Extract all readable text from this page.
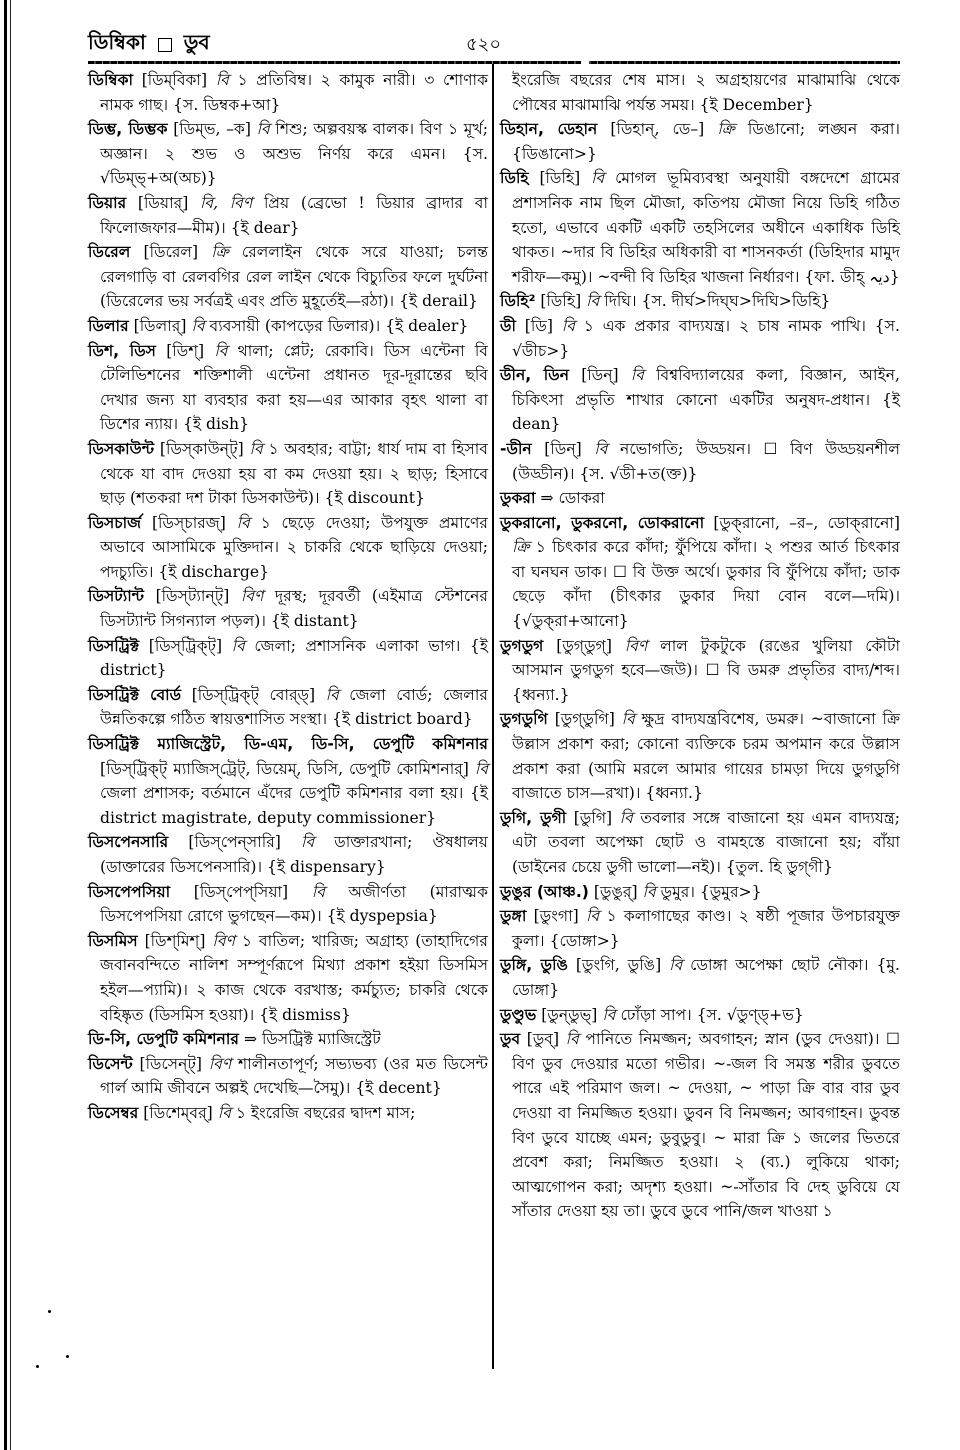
ডিম্বিকা ডুব	৫২০

ডিম্বিকা [ডিম্‌বিকা] বি ১ প্রতিবিম্ব। ২ কামুক নারী। ৩ শোণাক নামক গাছ। {স. ডিম্বক+আ}

ডিম্ভ, ডিম্ভক [ডিম্‌ভ, –ক] বি শিশু; অল্পবয়স্ক বালক। বিণ ১ মূর্খ; অজ্ঞান। ২ শুভ ও অশুভ নির্ণয় করে এমন। {স. √ডিম্ভ্‌+অ(অচ)}

ডিয়ার [ডিয়ার্‌] বি, বিণ প্রিয় (ব্রেভো ! ডিয়ার ব্রাদার বা ফিলোজফার—মীম)। {ই dear}

ডিরেল [ডিরেল] ক্রি রেললাইন থেকে সরে যাওয়া; চলন্ত রেলগাড়ি বা রেলবগির রেল লাইন থেকে বিচ্যুতির ফলে দুর্ঘটনা (ডিরেলের ভয় সর্বত্রই এবং প্রতি মুহূর্তেই—রঠা)। {ই derail}

ডিলার [ডিলার্‌] বি ব্যবসায়ী (কাপড়ের ডিলার)। {ই dealer}

ডিশ, ডিস [ডিশ্‌] বি থালা; প্লেট; রেকাবি। ডিস এন্টেনা বি টেলিভিশনের শক্তিশালী এন্টেনা প্রধানত দূর-দূরান্তের ছবি দেখার জন্য যা ব্যবহার করা হয়—এর আকার বৃহৎ থালা বা ডিশের ন্যায়। {ই dish}

ডিসকাউন্ট [ডিস্‌কাউন্‌ট্‌] বি ১ অবহার; বাট্টা; ধার্য দাম বা হিসাব থেকে যা বাদ দেওয়া হয় বা কম দেওয়া হয়। ২ ছাড়; হিসাবে ছাড় (শতকরা দশ টাকা ডিসকাউন্ট)। {ই discount}

ডিসচার্জ [ডিস্‌চারজ্‌] বি ১ ছেড়ে দেওয়া; উপযুক্ত প্রমাণের অভাবে আসামিকে মুক্তিদান। ২ চাকরি থেকে ছাড়িয়ে দেওয়া; পদচ্যুতি। {ই discharge}

ডিসট্যান্ট [ডিস্‌ট্যান্‌ট্‌] বিণ দূরস্থ; দূরবর্তী (এইমাত্র স্টেশনের ডিসট্যান্ট সিগন্যাল পড়ল)। {ই distant}

ডিসট্রিক্ট [ডিস্‌ট্রিক্‌ট্‌] বি জেলা; প্রশাসনিক এলাকা ভাগ। {ই district}

ডিসট্রিক্ট বোর্ড [ডিস্‌ট্রিক্‌ট্‌ বোর্‌ড্‌] বি জেলা বোর্ড; জেলার উন্নতিকল্পে গঠিত স্বায়ত্তশাসিত সংস্থা। {ই district board}

ডিসট্রিক্ট ম্যাজিস্ট্রেট, ডি-এম, ডি-সি, ডেপুটি কমিশনার [ডিস্‌ট্রিক্‌ট্‌ ম্যাজিস্‌ট্রেট্‌, ডিয়েম্‌, ডিসি, ডেপুটি কোমিশনার্‌] বি জেলা প্রশাসক; বর্তমানে এঁদের ডেপুটি কমিশনার বলা হয়। {ই district magistrate, deputy commissioner}

ডিসপেনসারি [ডিস্‌পেন্‌সারি] বি ডাক্তারখানা; ঔষধালয় (ডাক্তারের ডিসপেনসারি)। {ই dispensary}

ডিসপেপসিয়া [ডিস্‌পেপ্‌সিয়া] বি অজীর্ণতা (মারাত্মক ডিসপেপসিয়া রোগে ভুগছেন—কম)। {ই dyspepsia}

ডিসমিস [ডিশ্‌মিশ্‌] বিণ ১ বাতিল; খারিজ; অগ্রাহ্য (তাহাদিগের জবানবন্দিতে নালিশ সম্পূর্ণরূপে মিথ্যা প্রকাশ হইয়া ডিসমিস হইল—প্যামি)। ২ কাজ থেকে বরখাস্ত; কর্মচ্যুত; চাকরি থেকে বহিষ্কৃত (ডিসমিস হওয়া)। {ই dismiss}

ডি-সি, ডেপুটি কমিশনার ⇒ ডিসট্রিক্ট ম্যাজিস্ট্রেট

ডিসেন্ট [ডিসেন্‌ট্‌] বিণ শালীনতাপূর্ণ; সভ্যভব্য (ওর মত ডিসেন্ট গার্ল আমি জীবনে অল্পই দেখেছি—সৈমু)। {ই decent}

ডিসেম্বর [ডিশেম্‌বর্‌] বি ১ ইংরেজি বছরের দ্বাদশ মাস;

ইংরেজি বছরের শেষ মাস। ২ অগ্রহায়ণের মাঝামাঝি থেকে পৌষের মাঝামাঝি পর্যন্ত সময়। {ই December}

ডিহান, ডেহান [ডিহান্‌, ডে–] ক্রি ডিঙানো; লঙ্ঘন করা। {ডিঙানো>}

ডিহি [ডিহি] বি মোগল ভূমিব্যবস্থা অনুযায়ী বঙ্গদেশে গ্রামের প্রশাসনিক নাম ছিল মৌজা, কতিপয় মৌজা নিয়ে ডিহি গঠিত হতো, এভাবে একটি একটি তহসিলের অধীনে একাধিক ডিহি থাকত। ~দার বি ডিহির অধিকারী বা শাসনকর্তা (ডিহিদার মামুদ শরীফ—কমু)। ~বন্দী বি ডিহির খাজনা নির্ধারণ। {ফা. ডীহ্‌ دیہ}

ডিহি² [ডিহি] বি দিঘি। {স. দীর্ঘ>দিঘ্‌ঘ>দিঘি>ডিহি}

ডী [ডি] বি ১ এক প্রকার বাদ্যযন্ত্র। ২ চাষ নামক পাখি। {স. √ডীচ>}

ডীন, ডিন [ডিন্‌] বি বিশ্ববিদ্যালয়ের কলা, বিজ্ঞান, আইন, চিকিৎসা প্রভৃতি শাখার কোনো একটির অনুষদ-প্রধান। {ই dean}

-ডীন [ডিন্‌] বি নভোগতি; উড্ডয়ন। ☐ বিণ উড্ডয়নশীল (উড্ডীন)। {স. √ডী+ত(ক্ত)}

ডুকরা ⇒ ডোকরা

ডুকরানো, ডুকরনো, ডোকরানো [ডুক্‌রানো, –র–, ডোক্‌রানো] ক্রি ১ চিৎকার করে কাঁদা; ফুঁপিয়ে কাঁদা। ২ পশুর আর্ত চিৎকার বা ঘনঘন ডাক। ☐ বি উক্ত অর্থে। ডুকার বি ফুঁপিয়ে কাঁদা; ডাক ছেড়ে কাঁদা (চীৎকার ডুকার দিয়া বোন বলে—দমি)। {√ডুক্‌রা+আনো}

ডুগডুগ [ডুগ্‌ডুগ্‌] বিণ লাল টুকটুকে (রঙের খুলিয়া কৌটা আসমান ডুগডুগ হবে—জউ)। ☐ বি ডমরু প্রভৃতির বাদ্য/শব্দ। {ধ্বন্যা.}

ডুগডুগি [ডুগ্‌ডুগি] বি ক্ষুদ্র বাদ্যযন্ত্রবিশেষ, ডমরু। ~বাজানো ক্রি উল্লাস প্রকাশ করা; কোনো ব্যক্তিকে চরম অপমান করে উল্লাস প্রকাশ করা (আমি মরলে আমার গায়ের চামড়া দিয়ে ডুগডুগি বাজাতে চাস—রখা)। {ধ্বন্যা.}

ডুগি, ডুগী [ডুগি] বি তবলার সঙ্গে বাজানো হয় এমন বাদ্যযন্ত্র; এটা তবলা অপেক্ষা ছোট ও বামহস্তে বাজানো হয়; বাঁয়া (ডাইনের চেয়ে ডুগী ভালো—নই)। {তুল. হি ডুগ্‌গী}

ডুঙুর (আঞ্চ.) [ডুঙুর্‌] বি ডুমুর। {ডুমুর>}

ডুঙ্গা [ডুংগা] বি ১ কলাগাছের কাণ্ড। ২ ষষ্ঠী পূজার উপচারযুক্ত কুলা। {ডোঙ্গা>}

ডুঙ্গি, ডুঙি [ডুংগি, ডুঙি] বি ডোঙ্গা অপেক্ষা ছোট নৌকা। {মু. ডোঙ্গা}

ডুণ্ডুভ [ডুন্‌ডুভ্‌] বি ঢোঁড়া সাপ। {স. √ডুণ্ড্‌+ভ}

ডুব [ডুব্‌] বি পানিতে নিমজ্জন; অবগাহন; স্নান (ডুব দেওয়া)। ☐ বিণ ডুব দেওয়ার মতো গভীর। ~-জল বি সমস্ত শরীর ডুবতে পারে এই পরিমাণ জল। ~ দেওয়া, ~ পাড়া ক্রি বার বার ডুব দেওয়া বা নিমজ্জিত হওয়া। ডুবন বি নিমজ্জন; আবগাহন। ডুবন্ত বিণ ডুবে যাচ্ছে এমন; ডুবুডুবু। ~ মারা ক্রি ১ জলের ভিতরে প্রবেশ করা; নিমজ্জিত হওয়া। ২ (ব্য.) লুকিয়ে থাকা; আত্মগোপন করা; অদৃশ্য হওয়া। ~-সাঁতার বি দেহ ডুবিয়ে যে সাঁতার দেওয়া হয় তা। ডুবে ডুবে পানি/জল খাওয়া ১
